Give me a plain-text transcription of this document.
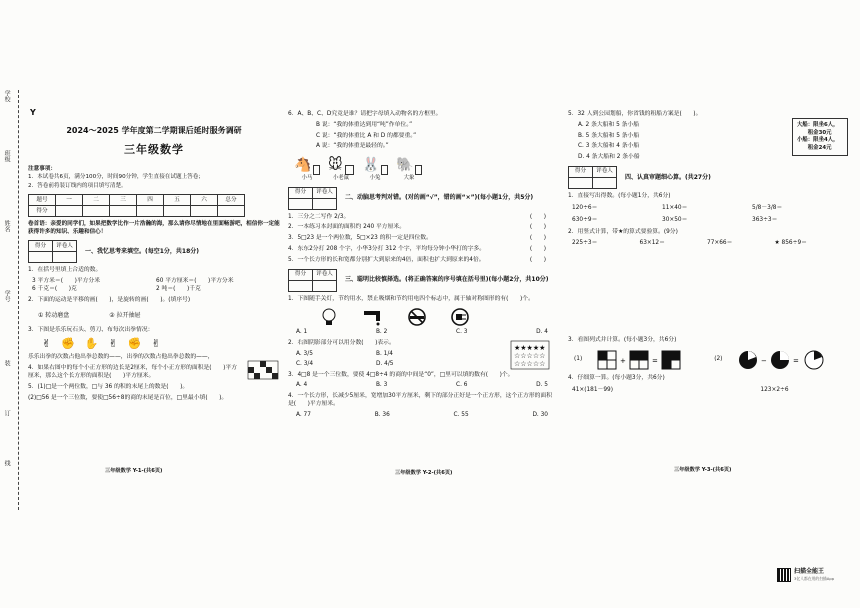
学校
班级
姓名
学号
装
订
线
Y
2024～2025 学年度第二学期课后延时服务调研
三年级数学
注意事项：
1．本试卷共6页，满分100分，时间90分钟，学生直接在试题上答卷；
2．答卷前将装订线内的项目填写清楚。
题号	一	二	三	四	五	六	总分
得分							
卷首语：亲爱的同学们，如果把数学比作一片浩瀚的海，那么请你尽情地在里面畅游吧，相信你一定能获得许多的知识、乐趣和信心！
得分	评卷人

一、我忆思考来填空。(每空1分，共18分)
1．在括号里填上合适的数。
3 平方米＝(　　)平方分米	60 平方厘米＝(　　)平方分米
6 千克＝(　　)克	2 吨＝(　　)千克
2．下面的运动是平移的画(　　)，是旋转的画(　　)。(填序号)
① 转动磨盘	② 拉开抽屉
3．下图是乐乐玩石头、剪刀、布每次出拳情况：
✌ ✊ ✋ ✌ ✊ ✌
乐乐出拳的次数占他出拳总数的——，出拳的次数占他出拳总数的——，
4．如果右图中的每个小正方形的边长是2厘米，每个小正方形的面积是(　　)平方厘米，那么这个长方形的面积是(　　)平方厘米。
5．(1)□是一个两位数，□与 36 的积的末尾上的数是(　　)。
(2)□56 是一个三位数，要使□56÷8的商的末尾是百位，□里最小填(　　)。
三年级数学 Y-1-(共6页)
6．A、B、C、D究竟是谁？请把字母填入动物名的方框里。
B 说：“我的体重达到用“吨”作单位。”
C 说：“我的体重比 A 和 D 的都要重。”
A 说：“我的体重是最轻的。”
🐴
小马
🐭
小老鼠
🐰
小兔
🐘
大象
得分	评卷人

二、动脑思考判对错。(对的画“√”，错的画“×”)(每小题1分，共5分)
1．三分之二写作 2/3。	(　　)
2．一本练习本封面的面积约 240 平方厘米。	(　　)
3．5□23 是一个两位数，5□×23 的积一定是四位数。	(　　)
4．东东2分打 208 个字，小华3分打 312 个字，平均每分钟小华打的字多。	(　　)
5．一个长方形的长和宽都分别扩大到原来的4倍，面积也扩大到原来的4倍。	(　　)
得分	评卷人

三、聪明比较慎择选。(将正确答案的序号填在括号里)(每小题2分，共10分)
1．下图随手关灯，节约用水，禁止吸烟和节约用电四个标志中，属于轴对称图形的有(　　)个。
A. 1	B. 2	C. 3	D. 4
2．右图阴影部分可以用分数(　　)表示。
★★★★★
☆☆☆☆☆
☆☆☆☆☆
A. 3/5	B. 1/4
C. 3/4	D. 4/5
3．4□8 是一个三位数，要使 4□8÷4 的商的中间是“0”，□里可以填的数有(　　)个。
A. 4	B. 3	C. 6	D. 5
4．一个长方形，长减少5厘米，宽增加30平方厘米，剩下的部分正好是一个正方形，这个正方形的面积是(　　)平方厘米。
A. 77	B. 36	C. 55	D. 30
三年级数学 Y-2-(共6页)
5．32 人到公园划船，你省钱的租船方案是(　　)。
A. 2 条大船和 5 条小船
B. 5 条大船和 5 条小船
C. 3 条大船和 4 条小船
D. 4 条大船和 2 条小船
得分	评卷人

四、认真审题细心算。(共27分)
1．直接写出得数。(每小题1分，共6分)
120÷6＝	11×40＝	5/8－3/8＝
630÷9＝	30×50＝	363÷3＝
2．用竖式计算，带★的算式要验算。(9分)
225÷3＝	63×12＝	77×66＝	★ 856÷9＝
3．看图列式并计算。(每小题3分，共6分)
(1)	+	=	(2)	−	=
4．仔细算一算。(每小题3分，共6分)
41×(181－99)	123×2÷6
三年级数学 Y-3-(共6页)
大船：限坐6人，
　　租金30元
小船：限坐4人，
　　租金24元
扫描全能王
3亿人都在用的扫描App
